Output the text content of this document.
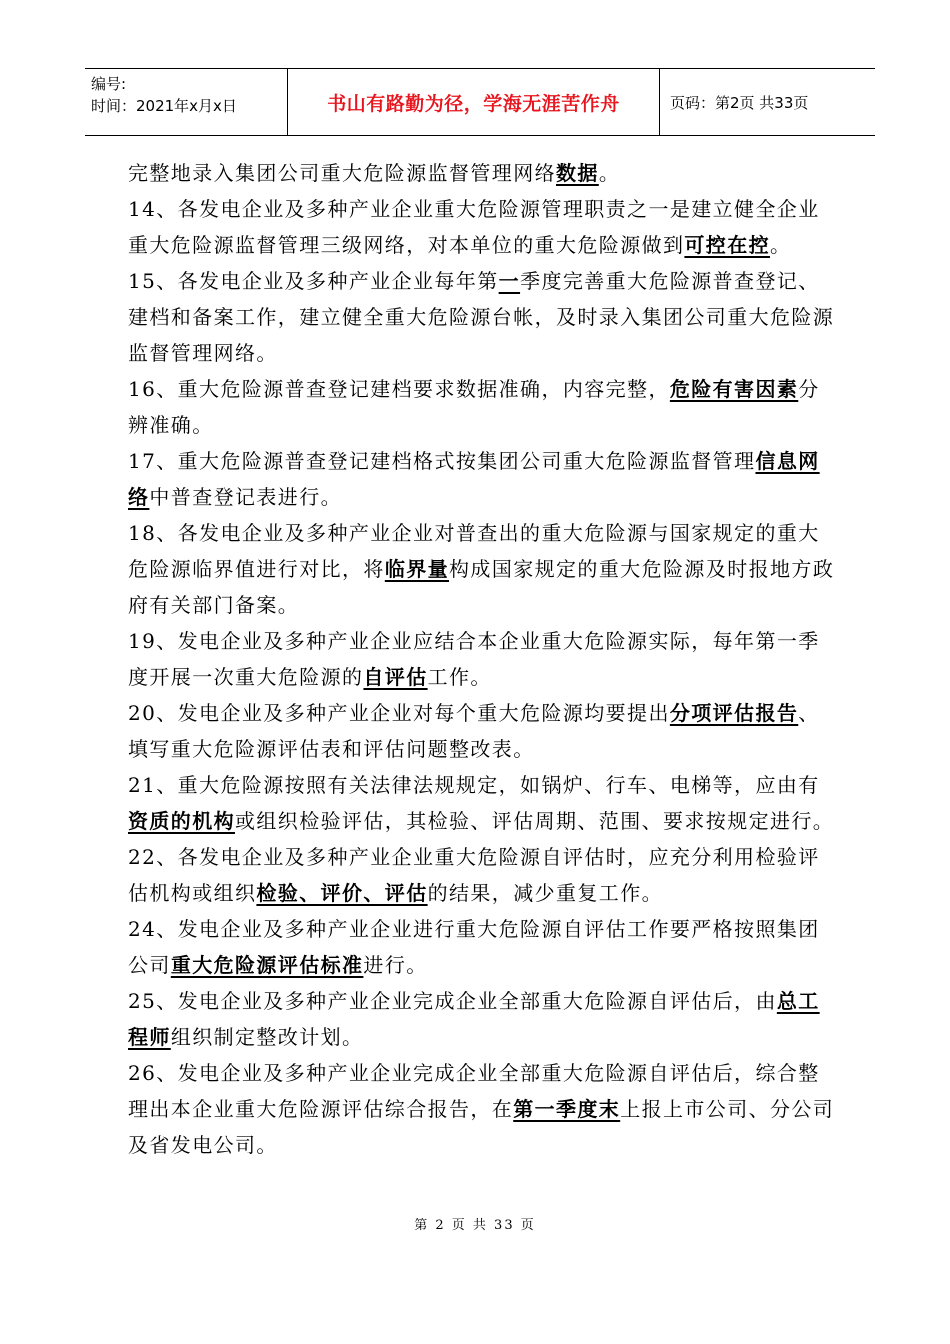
编号:
时间：2021年x月x日	书山有路勤为径，学海无涯苦作舟	页码：第2页 共33页

完整地录入集团公司重大危险源监督管理网络数据。

14、各发电企业及多种产业企业重大危险源管理职责之一是建立健全企业重大危险源监督管理三级网络，对本单位的重大危险源做到可控在控。

15、各发电企业及多种产业企业每年第一季度完善重大危险源普查登记、建档和备案工作，建立健全重大危险源台帐，及时录入集团公司重大危险源监督管理网络。

16、重大危险源普查登记建档要求数据准确，内容完整，危险有害因素分辨准确。

17、重大危险源普查登记建档格式按集团公司重大危险源监督管理信息网络中普查登记表进行。

18、各发电企业及多种产业企业对普查出的重大危险源与国家规定的重大危险源临界值进行对比，将临界量构成国家规定的重大危险源及时报地方政府有关部门备案。

19、发电企业及多种产业企业应结合本企业重大危险源实际，每年第一季度开展一次重大危险源的自评估工作。

20、发电企业及多种产业企业对每个重大危险源均要提出分项评估报告、填写重大危险源评估表和评估问题整改表。

21、重大危险源按照有关法律法规规定，如锅炉、行车、电梯等，应由有资质的机构或组织检验评估，其检验、评估周期、范围、要求按规定进行。

22、各发电企业及多种产业企业重大危险源自评估时，应充分利用检验评估机构或组织检验、评价、评估的结果，减少重复工作。

24、发电企业及多种产业企业进行重大危险源自评估工作要严格按照集团公司重大危险源评估标准进行。

25、发电企业及多种产业企业完成企业全部重大危险源自评估后，由总工程师组织制定整改计划。

26、发电企业及多种产业企业完成企业全部重大危险源自评估后，综合整理出本企业重大危险源评估综合报告，在第一季度末上报上市公司、分公司及省发电公司。

第 2 页 共 33 页
